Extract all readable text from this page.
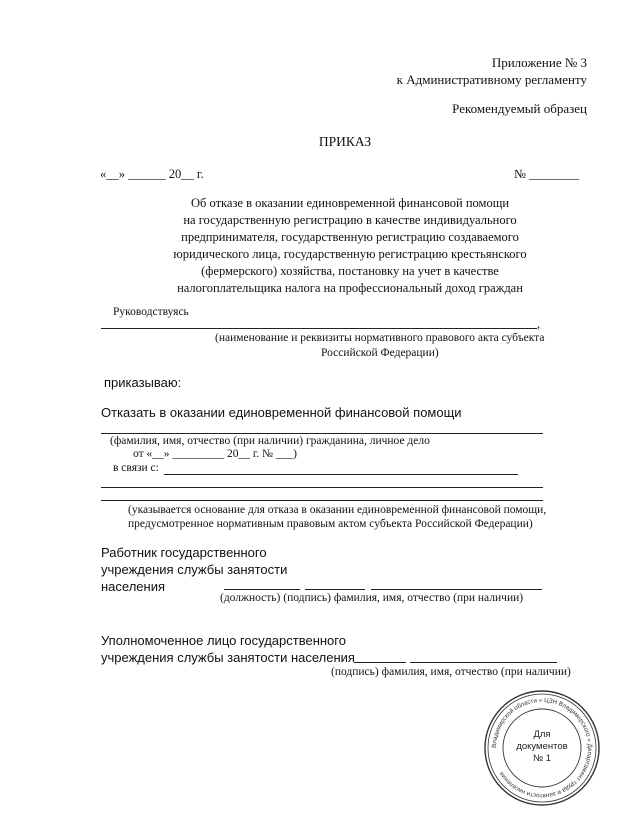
Приложение № 3
к Административному регламенту
Рекомендуемый образец
ПРИКАЗ
«__» ______ 20__ г.	№ ________
Об отказе в оказании единовременной финансовой помощи
на государственную регистрацию в качестве индивидуального
предпринимателя, государственную регистрацию создаваемого
юридического лица, государственную регистрацию крестьянского
(фермерского) хозяйства, постановку на учет в качестве
налогоплательщика налога на профессиональный доход граждан
Руководствуясь
,
(наименование и реквизиты нормативного правового акта субъекта
Российской Федерации)
приказываю:
Отказать в оказании единовременной финансовой помощи
(фамилия, имя, отчество (при наличии) гражданина, личное дело
от «__» _________ 20__ г. № ___)
в связи с:
(указывается основание для отказа в оказании единовременной финансовой помощи,
предусмотренное нормативным правовым актом субъекта Российской Федерации)
Работник государственного
учреждения службы занятости
населения
(должность) (подпись) фамилия, имя, отчество (при наличии)
Уполномоченное лицо государственного
учреждения службы занятости населения
(подпись) фамилия, имя, отчество (при наличии)
Владимирской области « ЦЗН Владимирского » Департамент труда и занятости населения
Для
документов
№ 1
